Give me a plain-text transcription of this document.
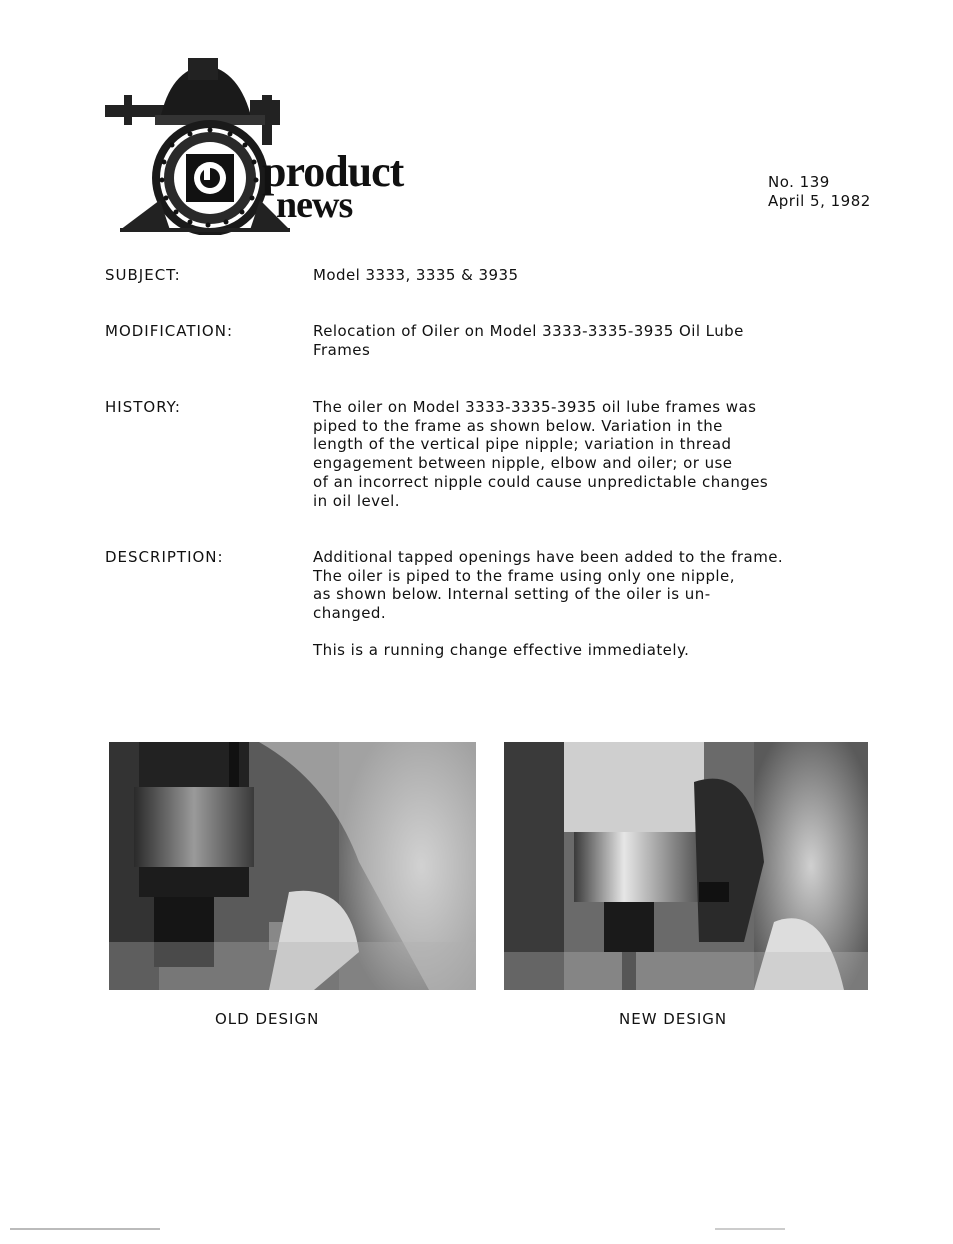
product
news
No. 139
April 5, 1982
SUBJECT:	Model 3333, 3335 & 3935
MODIFICATION:	Relocation of Oiler on Model 3333-3335-3935 Oil Lube
Frames
HISTORY:	The oiler on Model 3333-3335-3935 oil lube frames was
piped to the frame as shown below. Variation in the
length of the vertical pipe nipple; variation in thread
engagement between nipple, elbow and oiler; or use
of an incorrect nipple could cause unpredictable changes
in oil level.
DESCRIPTION:	Additional tapped openings have been added to the frame.
The oiler is piped to the frame using only one nipple,
as shown below. Internal setting of the oiler is un-
changed.
This is a running change effective immediately.
OLD DESIGN	NEW DESIGN
